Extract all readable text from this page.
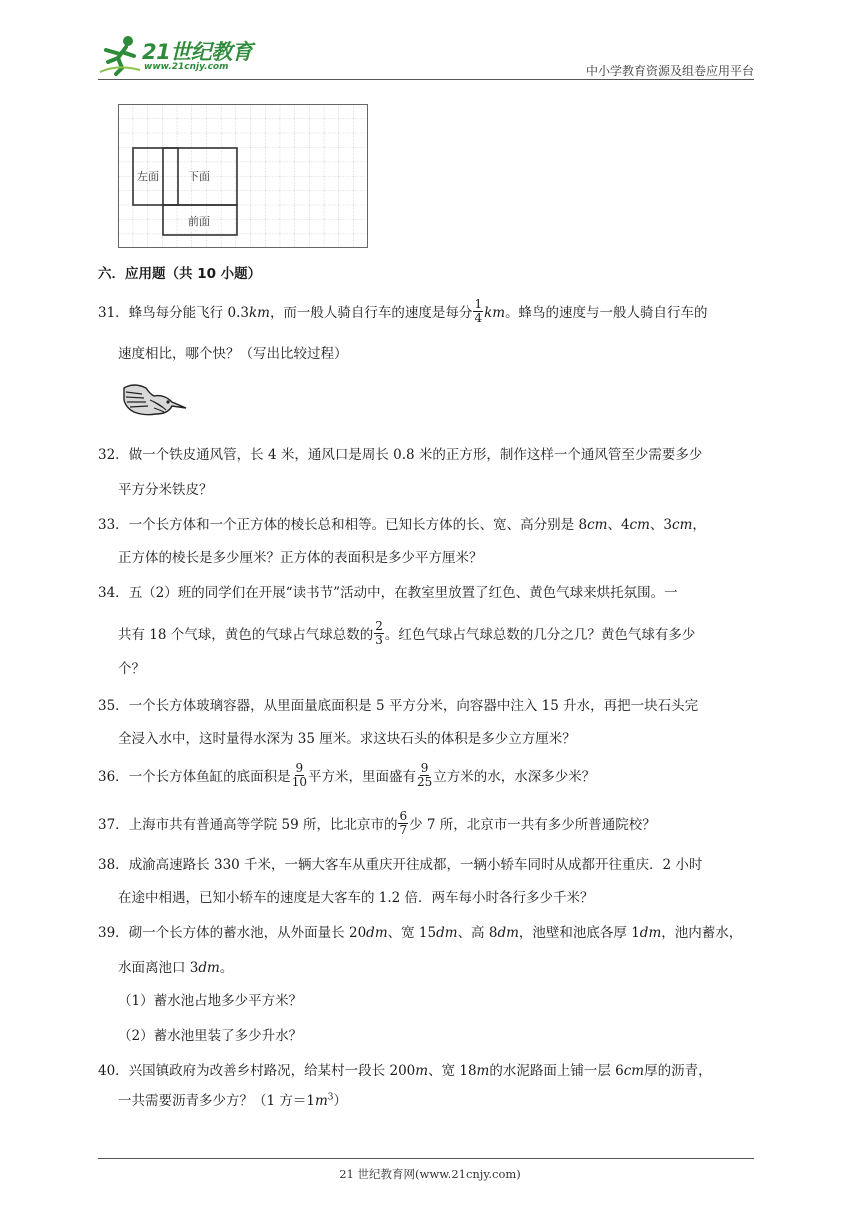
21世纪教育
www.21cnjy.com	中小学教育资源及组卷应用平台
左面	下面
前面
六．应用题（共 10 小题）
31．蜂鸟每分能飞行 0.3km，而一般人骑自行车的速度是每分 $\frac{1}{4}$ km。蜂鸟的速度与一般人骑自行车的
速度相比，哪个快？（写出比较过程）
32．做一个铁皮通风管，长 4 米，通风口是周长 0.8 米的正方形，制作这样一个通风管至少需要多少
平方分米铁皮？
33．一个长方体和一个正方体的棱长总和相等。已知长方体的长、宽、高分别是 8cm、4cm、3cm，
正方体的棱长是多少厘米？正方体的表面积是多少平方厘米？
34．五（2）班的同学们在开展“读书节”活动中，在教室里放置了红色、黄色气球来烘托氛围。一
共有 18 个气球，黄色的气球占气球总数的 $\frac{2}{3}$ 。红色气球占气球总数的几分之几？黄色气球有多少
个？
35．一个长方体玻璃容器，从里面量底面积是 5 平方分米，向容器中注入 15 升水，再把一块石头完
全浸入水中，这时量得水深为 35 厘米。求这块石头的体积是多少立方厘米？
36．一个长方体鱼缸的底面积是 $\frac{9}{10}$ 平方米，里面盛有 $\frac{9}{25}$ 立方米的水，水深多少米？
37．上海市共有普通高等学院 59 所，比北京市的 $\frac{6}{7}$ 少 7 所，北京市一共有多少所普通院校？
38．成渝高速路长 330 千米，一辆大客车从重庆开往成都，一辆小轿车同时从成都开往重庆．2 小时
在途中相遇，已知小轿车的速度是大客车的 1.2 倍．两车每小时各行多少千米？
39．砌一个长方体的蓄水池，从外面量长 20dm、宽 15dm、高 8dm，池壁和池底各厚 1dm，池内蓄水，
水面离池口 3dm。
（1）蓄水池占地多少平方米？
（2）蓄水池里装了多少升水？
40．兴国镇政府为改善乡村路况，给某村一段长 200m、宽 18m的水泥路面上铺一层 6cm厚的沥青，
一共需要沥青多少方？（1 方$=1m^3$）
21 世纪教育网(www.21cnjy.com)
